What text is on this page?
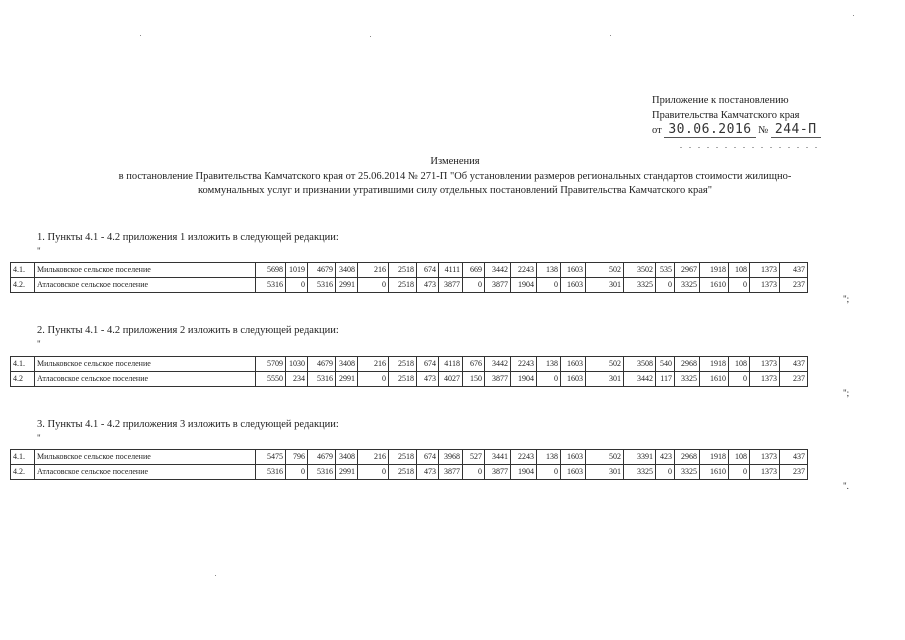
Приложение к постановлению
Правительства Камчатского края
от 30.06.2016 № 244-П
Изменения
в постановление Правительства Камчатского края от 25.06.2014 № 271-П "Об установлении размеров региональных стандартов стоимости жилищно-
коммунальных услуг и признании утратившими силу отдельных постановлений Правительства Камчатского края"
1. Пункты 4.1 - 4.2 приложения 1 изложить в следующей редакции:
"
4.1.	Мильковское сельское поселение	5698	1019	4679	3408	216	2518	674	4111	669	3442	2243	138	1603	502	3502	535	2967	1918	108	1373	437
4.2.	Атласовское сельское поселение	5316	0	5316	2991	0	2518	473	3877	0	3877	1904	0	1603	301	3325	0	3325	1610	0	1373	237
";
2. Пункты 4.1 - 4.2 приложения 2 изложить в следующей редакции:
"
4.1.	Мильковское сельское поселение	5709	1030	4679	3408	216	2518	674	4118	676	3442	2243	138	1603	502	3508	540	2968	1918	108	1373	437
4.2	Атласовское сельское поселение	5550	234	5316	2991	0	2518	473	4027	150	3877	1904	0	1603	301	3442	117	3325	1610	0	1373	237
";
3. Пункты 4.1 - 4.2 приложения 3 изложить в следующей редакции:
"
4.1.	Мильковское сельское поселение	5475	796	4679	3408	216	2518	674	3968	527	3441	2243	138	1603	502	3391	423	2968	1918	108	1373	437
4.2.	Атласовское сельское поселение	5316	0	5316	2991	0	2518	473	3877	0	3877	1904	0	1603	301	3325	0	3325	1610	0	1373	237
".
